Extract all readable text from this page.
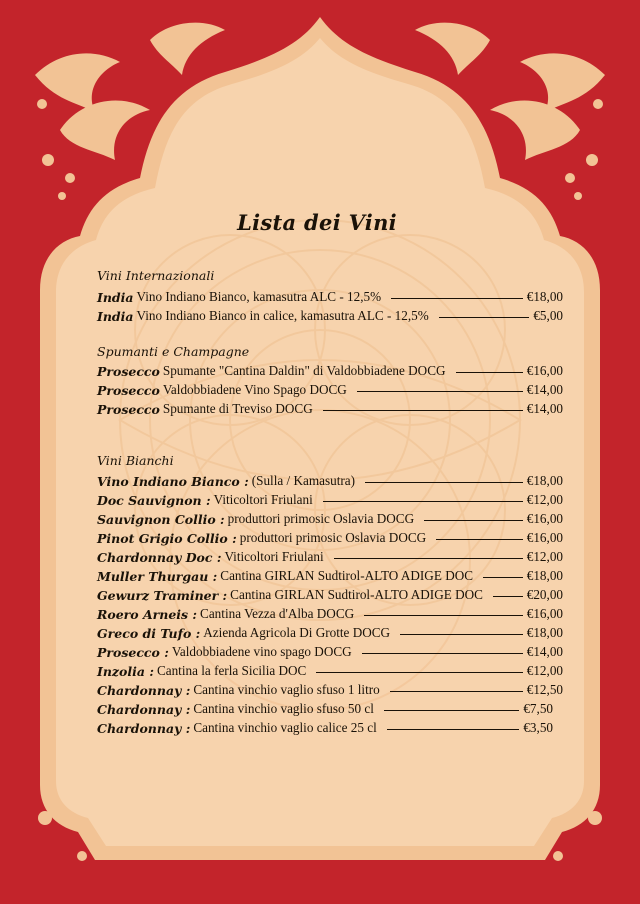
Lista dei Vini
Vini Internazionali
India Vino Indiano Bianco, kamasutra ALC - 12,5%	€18,00
India Vino Indiano Bianco in calice, kamasutra ALC - 12,5%	€5,00
Spumanti e Champagne
Prosecco Spumante "Cantina Daldin" di Valdobbiadene DOCG	€16,00
Prosecco Valdobbiadene Vino Spago DOCG	€14,00
Prosecco Spumante di Treviso DOCG	€14,00
Vini Bianchi
Vino Indiano Bianco : (Sulla / Kamasutra)	€18,00
Doc Sauvignon : Viticoltori Friulani	€12,00
Sauvignon Collio : produttori primosic Oslavia DOCG	€16,00
Pinot Grigio Collio : produttori primosic Oslavia DOCG	€16,00
Chardonnay Doc : Viticoltori Friulani	€12,00
Muller Thurgau : Cantina GIRLAN Sudtirol-ALTO ADIGE DOC	€18,00
Gewurz Traminer : Cantina GIRLAN Sudtirol-ALTO ADIGE DOC	€20,00
Roero Arneis : Cantina Vezza d'Alba DOCG	€16,00
Greco di Tufo : Azienda Agricola Di Grotte DOCG	€18,00
Prosecco : Valdobbiadene vino spago DOCG	€14,00
Inzolia : Cantina la ferla Sicilia DOC	€12,00
Chardonnay : Cantina vinchio vaglio sfuso 1 litro	€12,50
Chardonnay : Cantina vinchio vaglio sfuso 50 cl	€7,50
Chardonnay : Cantina vinchio vaglio calice 25 cl	€3,50
